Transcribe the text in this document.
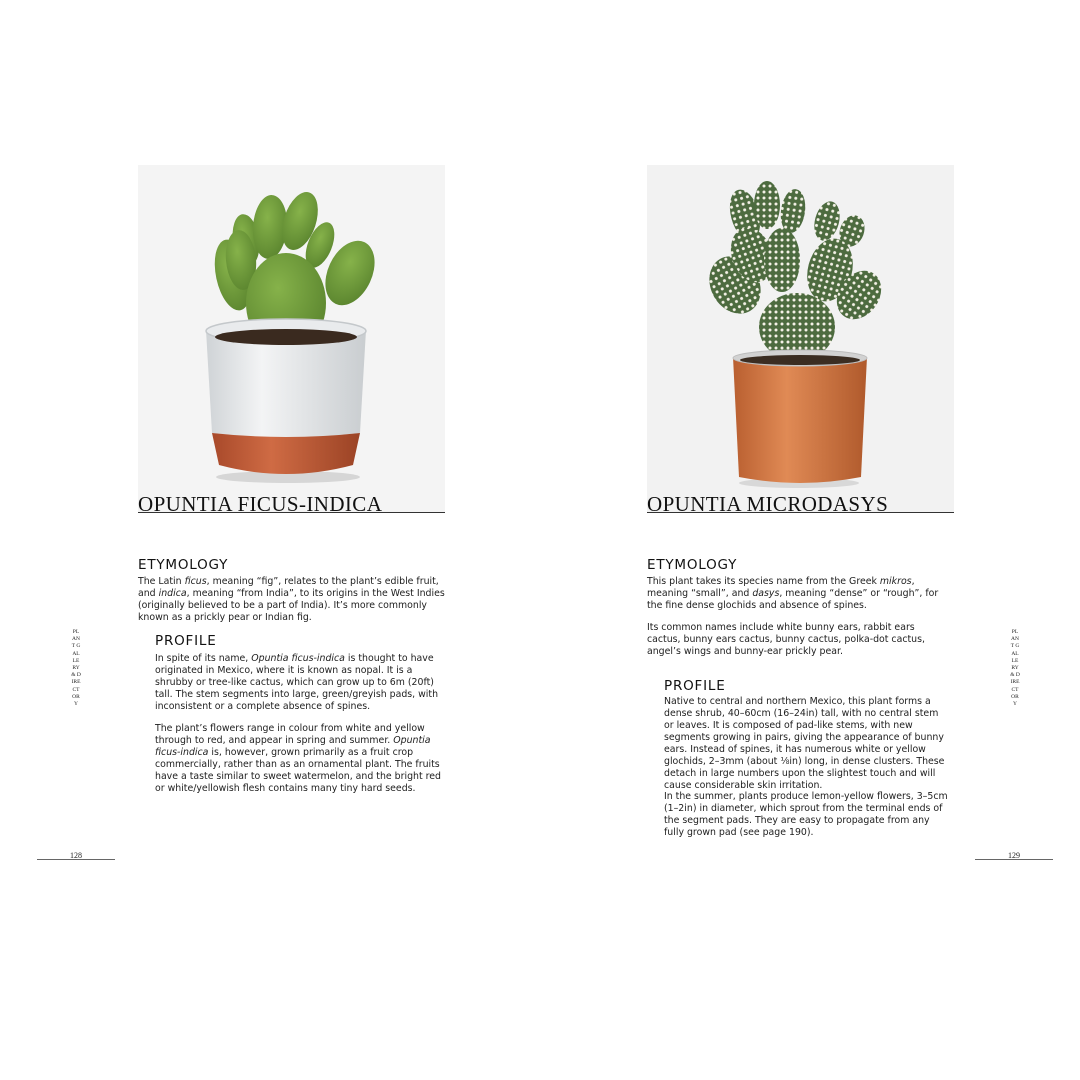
OPUNTIA FICUS-INDICA
ETYMOLOGY

The Latin ficus, meaning “fig”, relates to the plant’s edible fruit, and indica, meaning “from India”, to its origins in the West Indies (originally believed to be a part of India). It’s more commonly known as a prickly pear or Indian fig.

PROFILE

In spite of its name, Opuntia ficus-indica is thought to have originated in Mexico, where it is known as nopal. It is a shrubby or tree-like cactus, which can grow up to 6m (20ft) tall. The stem segments into large, green/greyish pads, with inconsistent or a complete absence of spines.

The plant’s flowers range in colour from white and yellow through to red, and appear in spring and summer. Opuntia ficus-indica is, however, grown primarily as a fruit crop commercially, rather than as an ornamental plant. The fruits have a taste similar to sweet watermelon, and the bright red or white/yellowish flesh contains many tiny hard seeds.

PLANT GALLERY & DIRECTORY
128
OPUNTIA MICRODASYS
ETYMOLOGY

This plant takes its species name from the Greek mikros, meaning “small”, and dasys, meaning “dense” or “rough”, for the fine dense glochids and absence of spines.

Its common names include white bunny ears, rabbit ears cactus, bunny ears cactus, bunny cactus, polka-dot cactus, angel’s wings and bunny-ear prickly pear.

PROFILE

Native to central and northern Mexico, this plant forms a dense shrub, 40–60cm (16–24in) tall, with no central stem or leaves. It is composed of pad-like stems, with new segments growing in pairs, giving the appearance of bunny ears. Instead of spines, it has numerous white or yellow glochids, 2–3mm (about ⅛in) long, in dense clusters. These detach in large numbers upon the slightest touch and will cause considerable skin irritation.

In the summer, plants produce lemon-yellow flowers, 3–5cm (1–2in) in diameter, which sprout from the terminal ends of the segment pads. They are easy to propagate from any fully grown pad (see page 190).

PLANT GALLERY & DIRECTORY
129
